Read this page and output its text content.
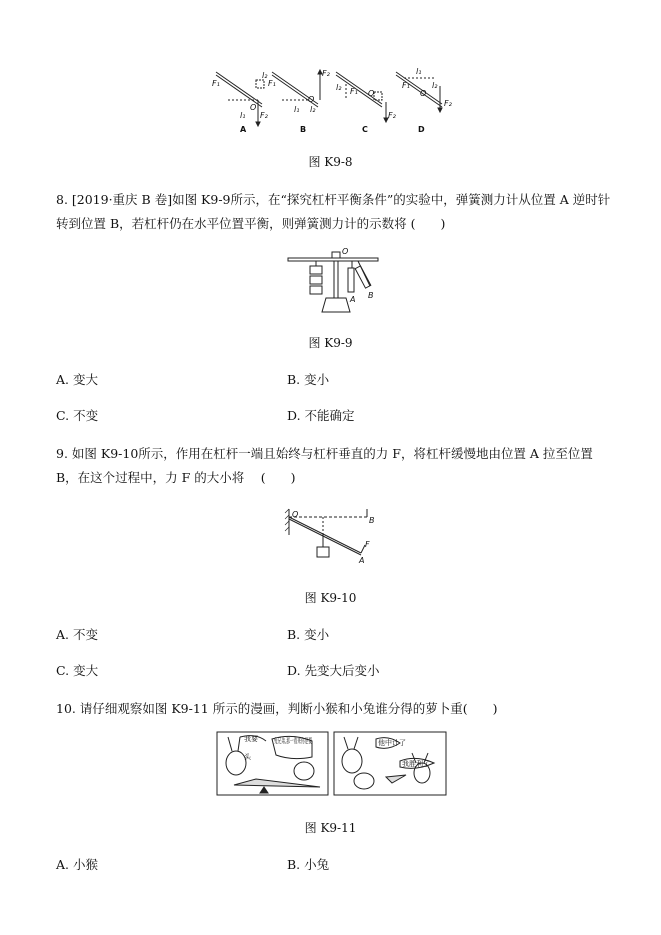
F₁
O
l₁
l₂
F₂
F₁
O
l₁ l₂
F₂
l₂ F₁ O
F₂
l₁
l₂
F₁
O
F₂
A	B	C	D
图 K9-8
8. [2019·重庆 B 卷]如图 K9-9所示，在“探究杠杆平衡条件”的实验中，弹簧测力计从位置 A 逆时针转到位置 B，若杠杆仍在水平位置平衡，则弹簧测力计的示数将 (　　)
O
A B
图 K9-9
A. 变大	B. 变小
C. 不变	D. 不能确定
9. 如图 K9-10所示，作用在杠杆一端且始终与杠杆垂直的力 F，将杠杆缓慢地由位置 A 拉至位置 B，在这个过程中，力 F 的大小将　 (　　)
O
B
A
F
图 K9-10
A. 不变	B. 变小
C. 变大	D. 先变大后变小
10. 请仔细观察如图 K9-11 所示的漫画，判断小猴和小兔谁分得的萝卜重(　　)
我要
头
兔兄弟,那一看来你是要	他中计了
我胜利了
图 K9-11
A. 小猴	B. 小兔
